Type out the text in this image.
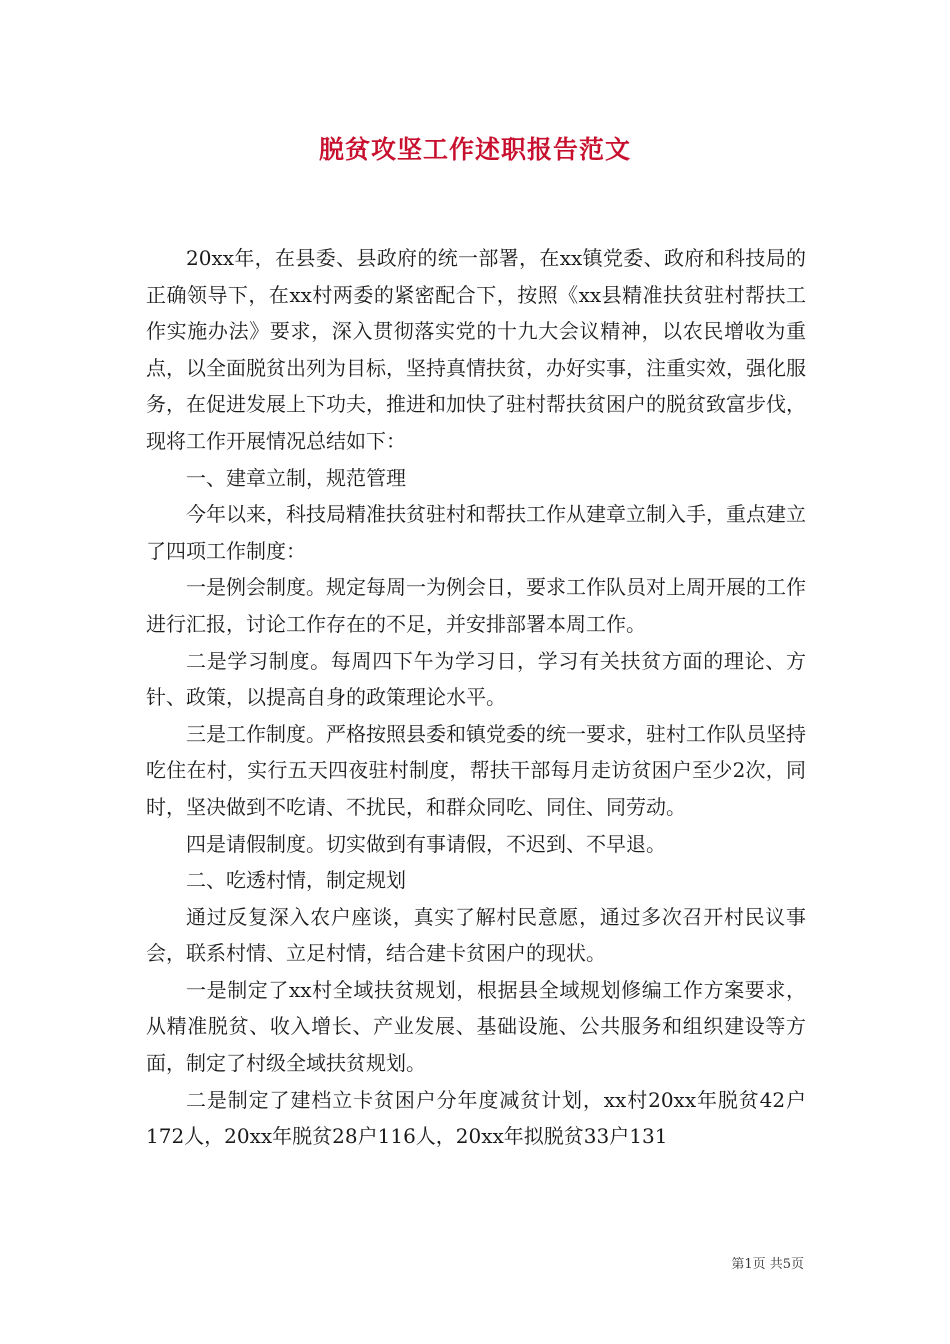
脱贫攻坚工作述职报告范文

20xx年，在县委、县政府的统一部署，在xx镇党委、政府和科技局的正确领导下，在xx村两委的紧密配合下，按照《xx县精准扶贫驻村帮扶工作实施办法》要求，深入贯彻落实党的十九大会议精神，以农民增收为重点，以全面脱贫出列为目标，坚持真情扶贫，办好实事，注重实效，强化服务，在促进发展上下功夫，推进和加快了驻村帮扶贫困户的脱贫致富步伐，现将工作开展情况总结如下：

一、建章立制，规范管理

今年以来，科技局精准扶贫驻村和帮扶工作从建章立制入手，重点建立了四项工作制度：

一是例会制度。规定每周一为例会日，要求工作队员对上周开展的工作进行汇报，讨论工作存在的不足，并安排部署本周工作。

二是学习制度。每周四下午为学习日，学习有关扶贫方面的理论、方针、政策，以提高自身的政策理论水平。

三是工作制度。严格按照县委和镇党委的统一要求，驻村工作队员坚持吃住在村，实行五天四夜驻村制度，帮扶干部每月走访贫困户至少2次，同时，坚决做到不吃请、不扰民，和群众同吃、同住、同劳动。

四是请假制度。切实做到有事请假，不迟到、不早退。

二、吃透村情，制定规划

通过反复深入农户座谈，真实了解村民意愿，通过多次召开村民议事会，联系村情、立足村情，结合建卡贫困户的现状。

一是制定了xx村全域扶贫规划，根据县全域规划修编工作方案要求，从精准脱贫、收入增长、产业发展、基础设施、公共服务和组织建设等方面，制定了村级全域扶贫规划。

二是制定了建档立卡贫困户分年度减贫计划，xx村20xx年脱贫42户172人，20xx年脱贫28户116人，20xx年拟脱贫33户131

第1页 共5页
